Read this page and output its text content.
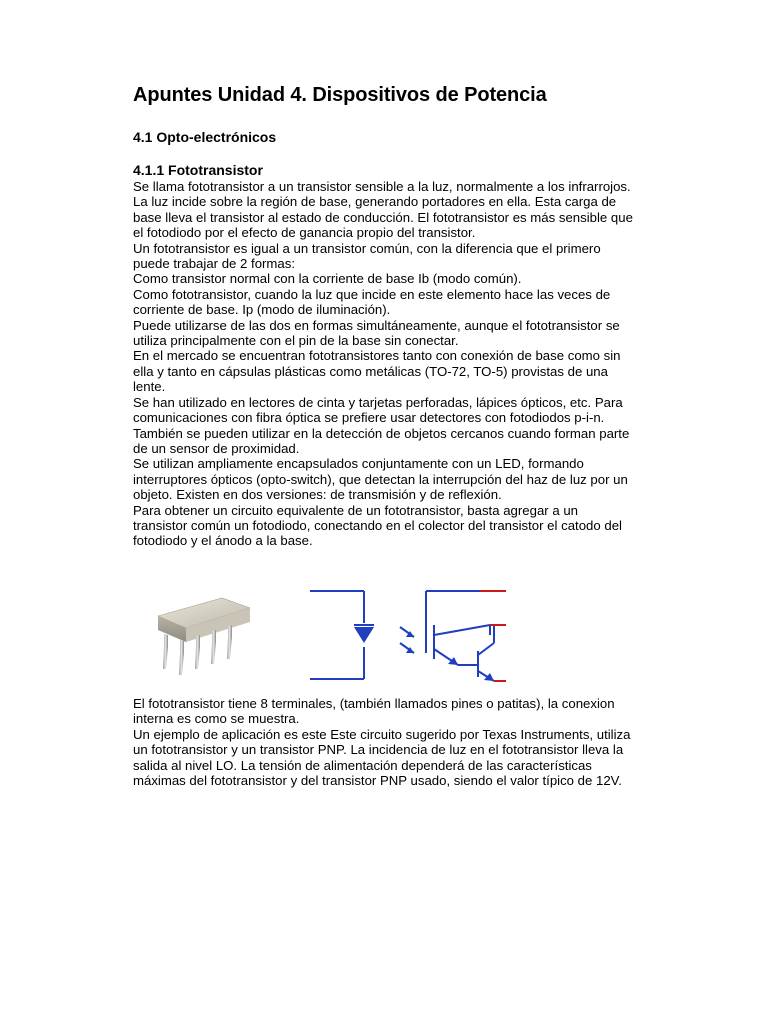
Apuntes Unidad 4. Dispositivos de Potencia
4.1 Opto-electrónicos
4.1.1 Fototransistor

Se llama fototransistor a un transistor sensible a la luz, normalmente a los infrarrojos. La luz incide sobre la región de base, generando portadores en ella. Esta carga de base lleva el transistor al estado de conducción. El fototransistor es más sensible que el fotodiodo por el efecto de ganancia propio del transistor.

Un fototransistor es igual a un transistor común, con la diferencia que el primero puede trabajar de 2 formas:

Como transistor normal con la corriente de base Ib (modo común).

Como fototransistor, cuando la luz que incide en este elemento hace las veces de corriente de base. Ip (modo de iluminación).

Puede utilizarse de las dos en formas simultáneamente, aunque el fototransistor se utiliza principalmente con el pin de la base sin conectar.

En el mercado se encuentran fototransistores tanto con conexión de base como sin ella y tanto en cápsulas plásticas como metálicas (TO-72, TO-5) provistas de una lente.

Se han utilizado en lectores de cinta y tarjetas perforadas, lápices ópticos, etc. Para comunicaciones con fibra óptica se prefiere usar detectores con fotodiodos p-i-n. También se pueden utilizar en la detección de objetos cercanos cuando forman parte de un sensor de proximidad.

Se utilizan ampliamente encapsulados conjuntamente con un LED, formando interruptores ópticos (opto-switch), que detectan la interrupción del haz de luz por un objeto. Existen en dos versiones: de transmisión y de reflexión.

Para obtener un circuito equivalente de un fototransistor, basta agregar a un transistor común un fotodiodo, conectando en el colector del transistor el catodo del fotodiodo y el ánodo a la base.

El fototransistor tiene 8 terminales, (también llamados pines o patitas), la conexion interna es como se muestra.

Un ejemplo de aplicación es este Este circuito sugerido por Texas Instruments, utiliza un fototransistor y un transistor PNP. La incidencia de luz en el fototransistor lleva la salida al nivel LO. La tensión de alimentación dependerá de las características máximas del fototransistor y del transistor PNP usado, siendo el valor típico de 12V.
